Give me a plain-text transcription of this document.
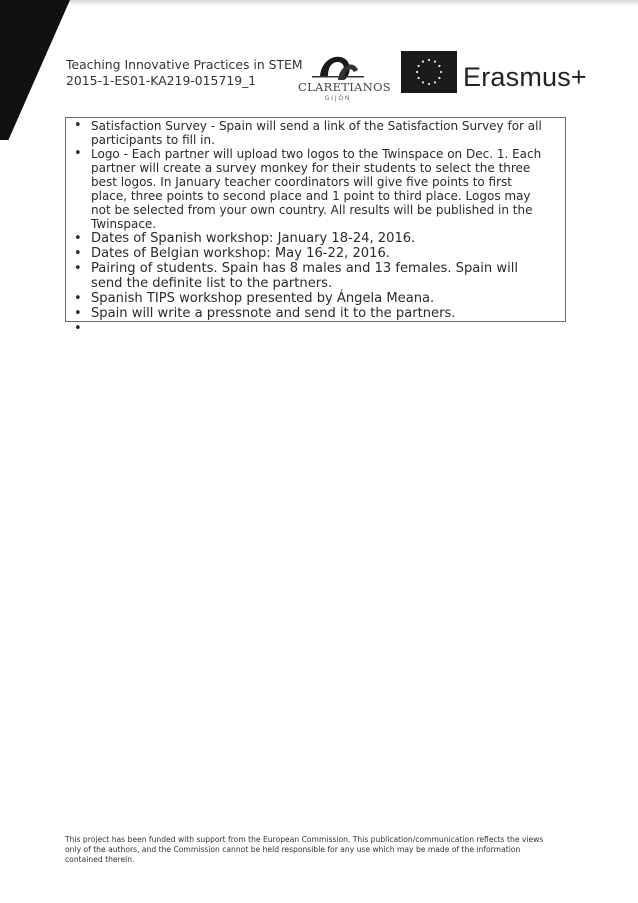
Teaching Innovative Practices in STEM
2015-1-ES01-KA219-015719_1	CLARETIANOS
GIJÓN
Erasmus+
• Satisfaction Survey - Spain will send a link of the Satisfaction Survey for all participants to fill in.
• Logo - Each partner will upload two logos to the Twinspace on Dec. 1. Each partner will create a survey monkey for their students to select the three best logos. In January teacher coordinators will give five points to first place, three points to second place and 1 point to third place. Logos may not be selected from your own country. All results will be published in the Twinspace.
• Dates of Spanish workshop: January 18-24, 2016.
• Dates of Belgian workshop: May 16-22, 2016.
• Pairing of students. Spain has 8 males and 13 females. Spain will send the definite list to the partners.
• Spanish TIPS workshop presented by Ángela Meana.
• Spain will write a pressnote and send it to the partners.
•
This project has been funded with support from the European Commission. This publication/communication reflects the views only of the authors, and the Commission cannot be held responsible for any use which may be made of the information contained therein.
